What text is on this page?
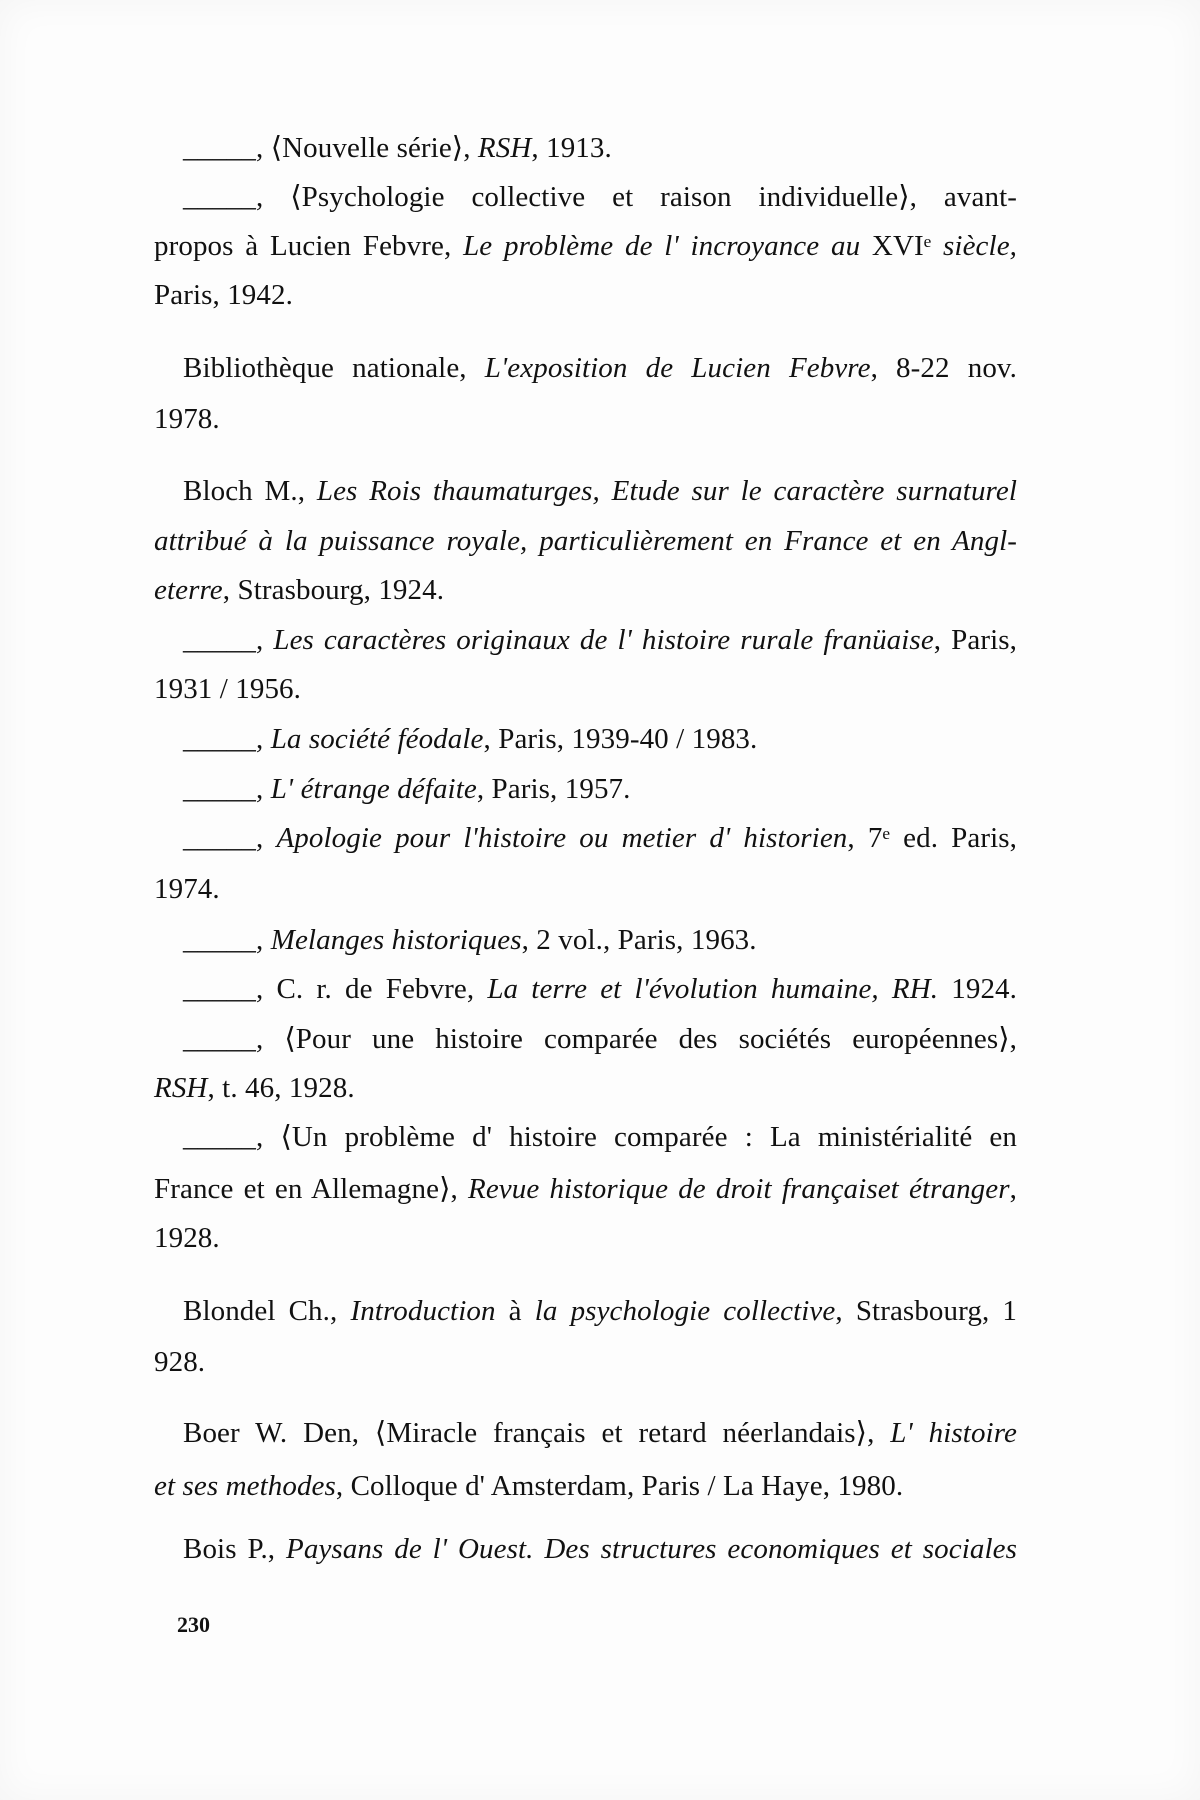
_____, ⟨Nouvelle série⟩, RSH, 1913.
_____, ⟨Psychologie collective et raison individuelle⟩, avant-
propos à Lucien Febvre, Le problème de l' incroyance au XVIᵉ siècle,
Paris, 1942.
Bibliothèque nationale, L'exposition de Lucien Febvre, 8-22 nov.
1978.
Bloch M., Les Rois thaumaturges, Etude sur le caractère surnaturel
attribué à la puissance royale, particulièrement en France et en Angl-
eterre, Strasbourg, 1924.
_____, Les caractères originaux de l' histoire rurale franüaise, Paris,
1931 / 1956.
_____, La société féodale, Paris, 1939-40 / 1983.
_____, L' étrange défaite, Paris, 1957.
_____, Apologie pour l'histoire ou metier d' historien, 7ᵉ ed. Paris,
1974.
_____, Melanges historiques, 2 vol., Paris, 1963.
_____, C. r. de Febvre, La terre et l'évolution humaine, RH. 1924.
_____, ⟨Pour une histoire comparée des sociétés européennes⟩,
RSH, t. 46, 1928.
_____, ⟨Un problème d' histoire comparée : La ministérialité en
France et en Allemagne⟩, Revue historique de droit françaiset étranger,
1928.
Blondel Ch., Introduction à la psychologie collective, Strasbourg, 1
928.
Boer W. Den, ⟨Miracle français et retard néerlandais⟩, L' histoire
et ses methodes, Colloque d' Amsterdam, Paris / La Haye, 1980.
Bois P., Paysans de l' Ouest. Des structures economiques et sociales
230
